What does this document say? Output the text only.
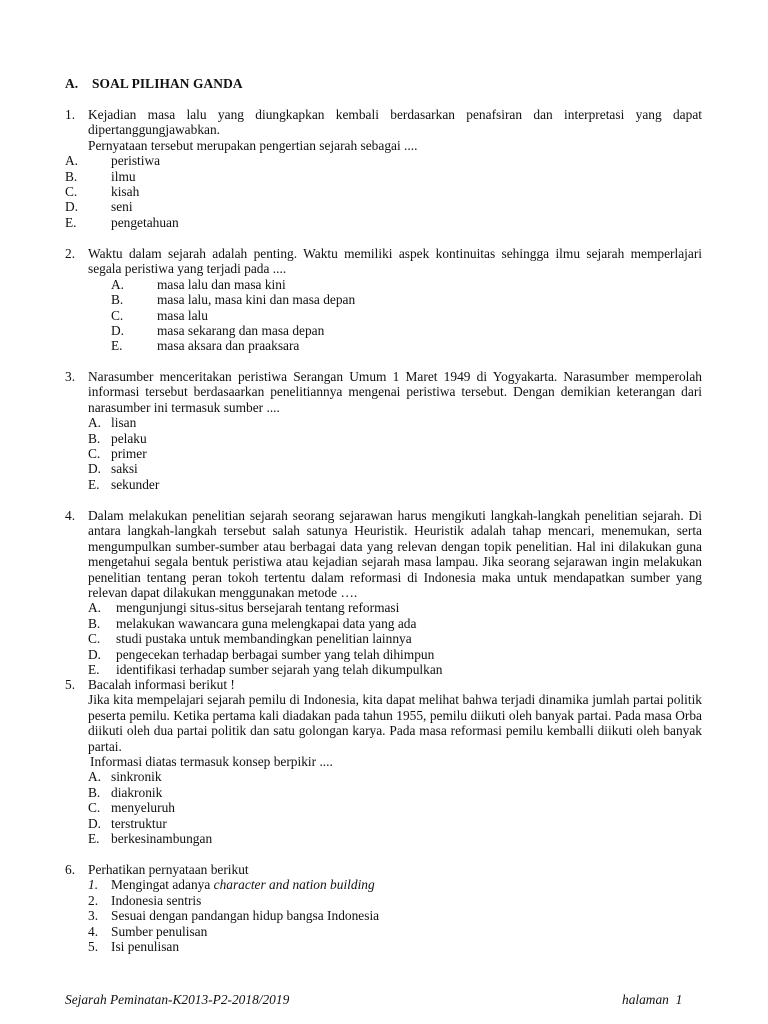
A. SOAL PILIHAN GANDA
1. Kejadian masa lalu yang diungkapkan kembali berdasarkan penafsiran dan interpretasi yang dapat dipertanggungjawabkan.

Pernyataan tersebut merupakan pengertian sejarah sebagai ....

A.	peristiwa
B.	ilmu
C.	kisah
D.	seni
E.	pengetahuan
2. Waktu dalam sejarah adalah penting. Waktu memiliki aspek kontinuitas sehingga ilmu sejarah memperlajari segala peristiwa yang terjadi pada ....

A.	masa lalu dan masa kini
B.	masa lalu, masa kini dan masa depan
C.	masa lalu
D.	masa sekarang dan masa depan
E.	masa aksara dan praaksara
3. Narasumber menceritakan peristiwa Serangan Umum 1 Maret 1949 di Yogyakarta. Narasumber memperolah informasi tersebut berdasaarkan penelitiannya mengenai peristiwa tersebut. Dengan demikian keterangan dari narasumber ini termasuk sumber ....

A. lisan
B. pelaku
C. primer
D. saksi
E. sekunder
4. Dalam melakukan penelitian sejarah seorang sejarawan harus mengikuti langkah-langkah penelitian sejarah. Di antara langkah-langkah tersebut salah satunya Heuristik. Heuristik adalah tahap mencari, menemukan, serta mengumpulkan sumber-sumber atau berbagai data yang relevan dengan topik penelitian. Hal ini dilakukan guna mengetahui segala bentuk peristiwa atau kejadian sejarah masa lampau. Jika seorang sejarawan ingin melakukan penelitian tentang peran tokoh tertentu dalam reformasi di Indonesia maka untuk mendapatkan sumber yang relevan dapat dilakukan menggunakan metode ….

A.	mengunjungi situs-situs bersejarah tentang reformasi
B.	melakukan wawancara guna melengkapai data yang ada
C.	studi pustaka untuk membandingkan penelitian lainnya
D.	pengecekan terhadap berbagai sumber yang telah dihimpun
E.	identifikasi terhadap sumber sejarah yang telah dikumpulkan
5. Bacalah informasi berikut !

Jika kita mempelajari sejarah pemilu di Indonesia, kita dapat melihat bahwa terjadi dinamika jumlah partai politik peserta pemilu. Ketika pertama kali diadakan pada tahun 1955, pemilu diikuti oleh banyak partai. Pada masa Orba diikuti oleh dua partai politik dan satu golongan karya. Pada masa reformasi pemilu kemballi diikuti oleh banyak partai.

Informasi diatas termasuk konsep berpikir ....

A. sinkronik
B. diakronik
C. menyeluruh
D. terstruktur
E. berkesinambungan
6. Perhatikan pernyataan berikut

1. Mengingat adanya character and nation building
2. Indonesia sentris
3. Sesuai dengan pandangan hidup bangsa Indonesia
4. Sumber penulisan
5. Isi penulisan
Sejarah Peminatan-K2013-P2-2018/2019	halaman  1
